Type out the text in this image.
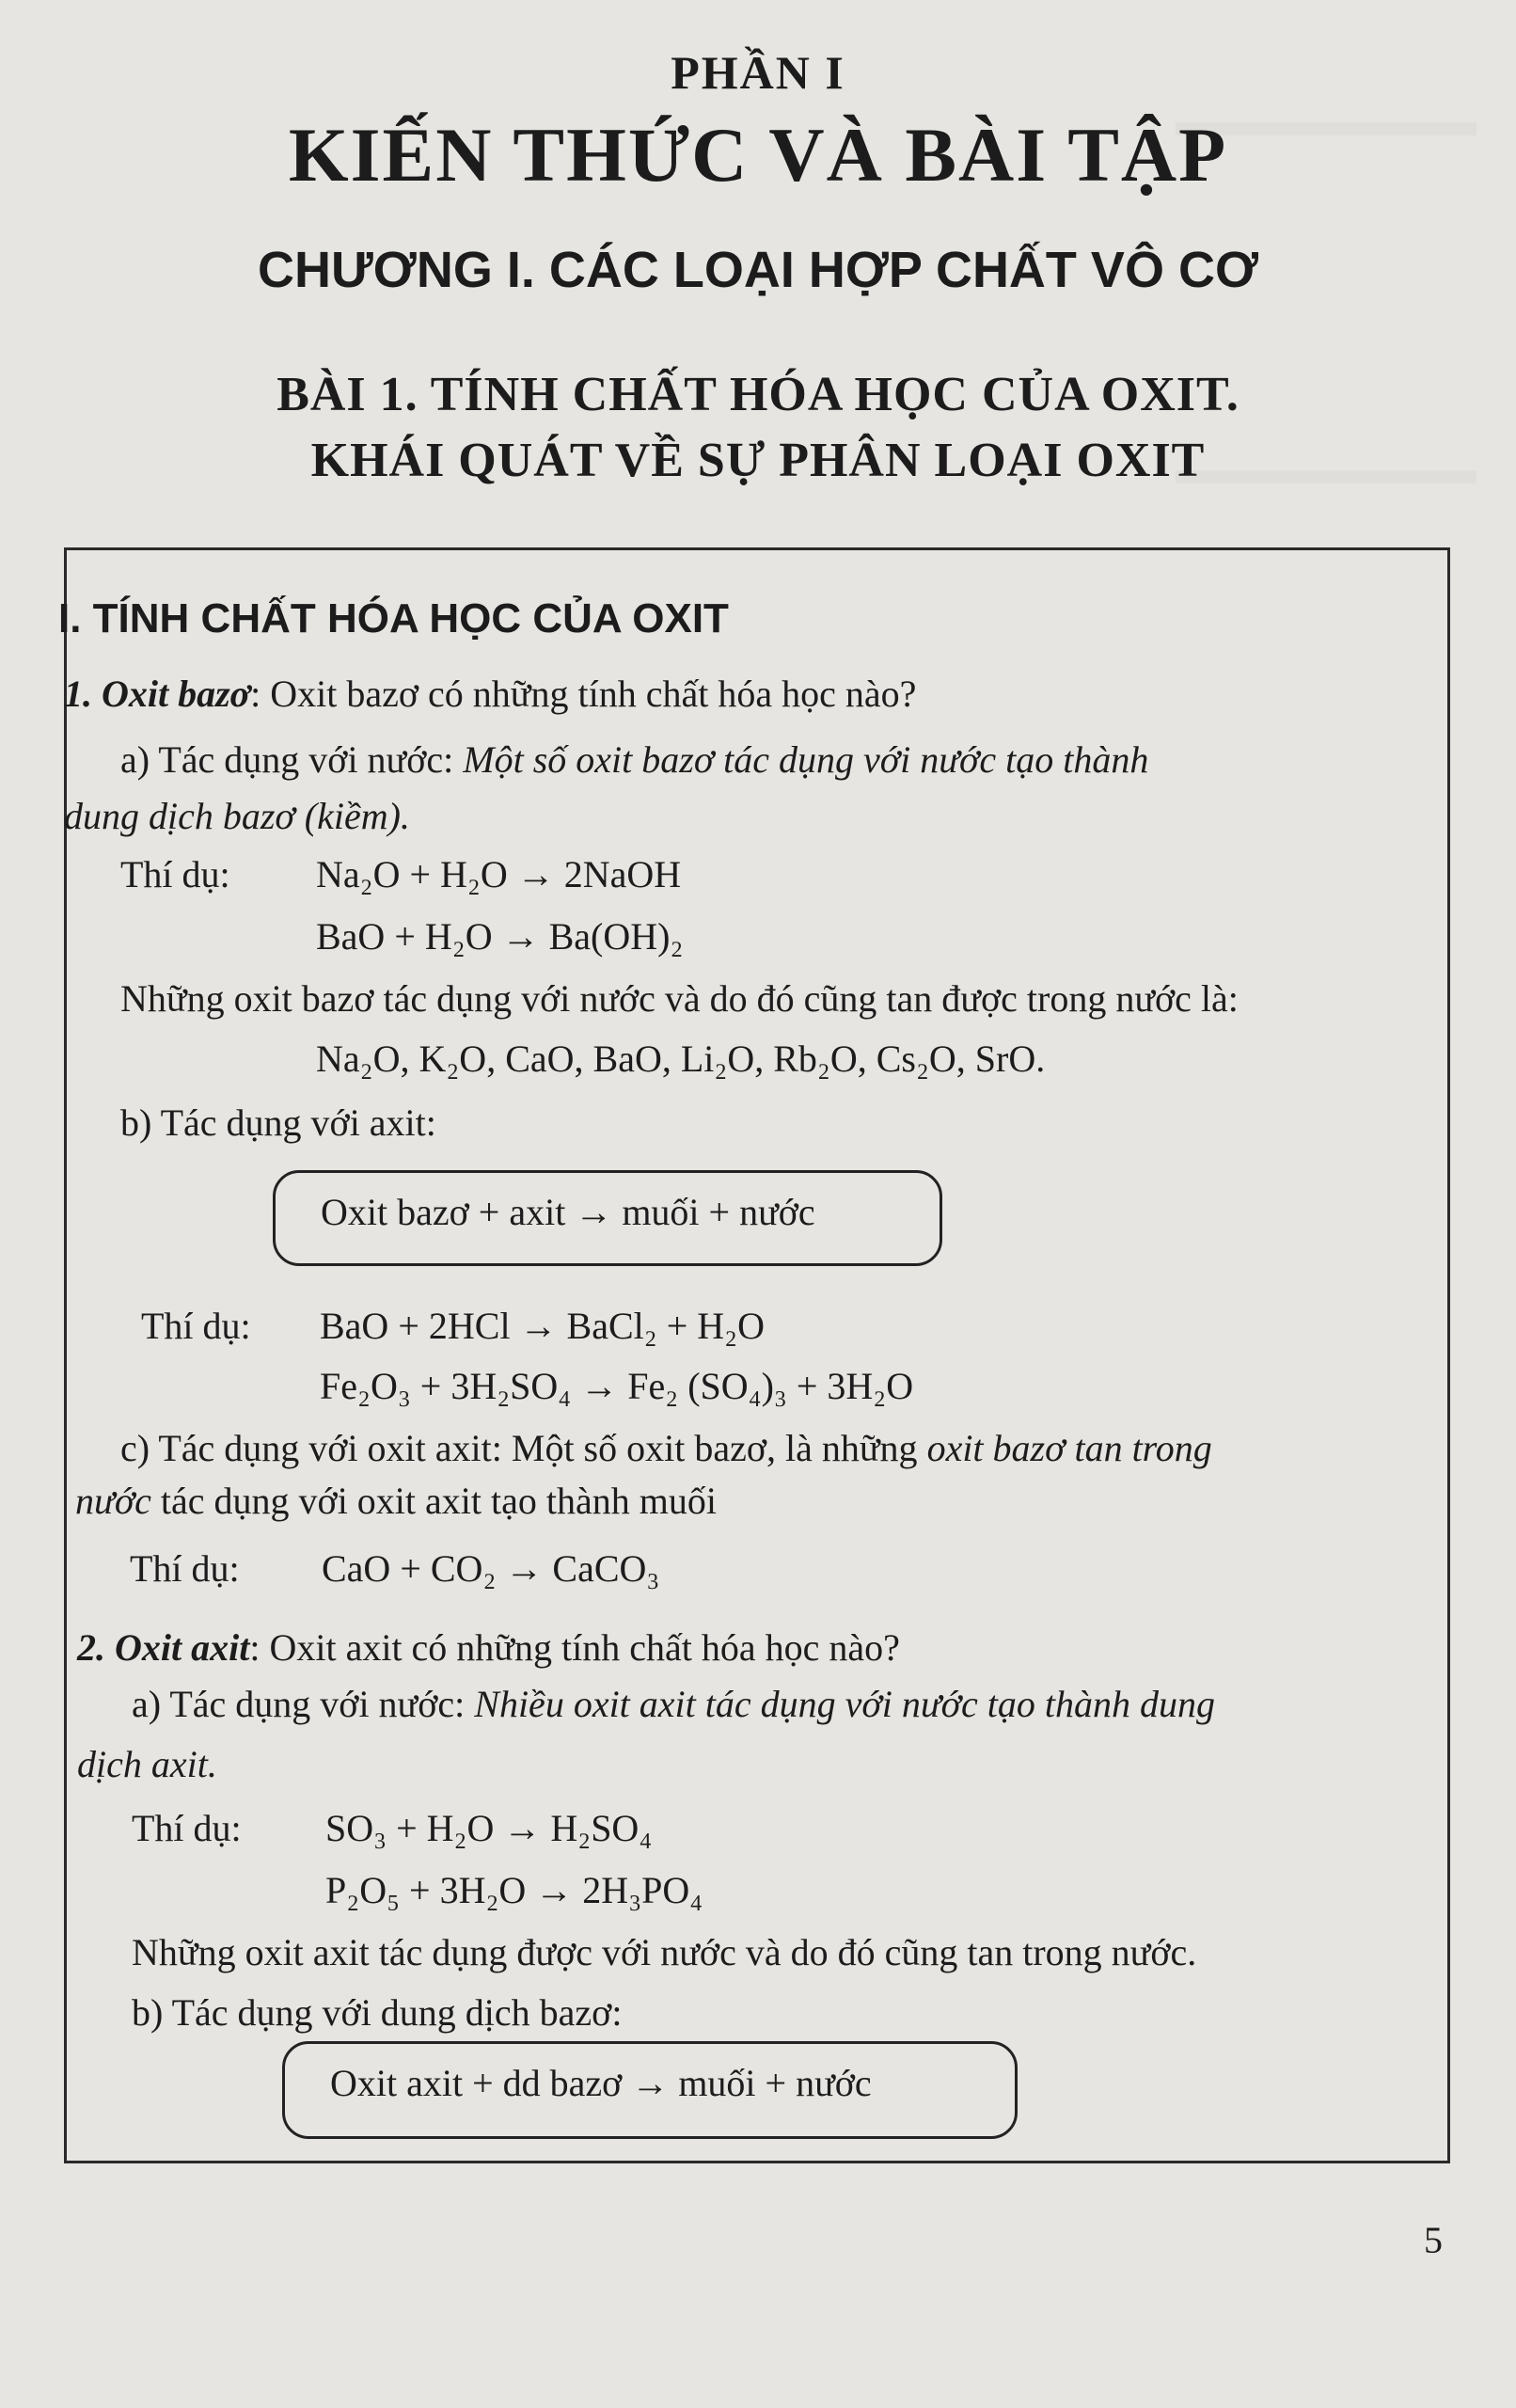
PHẦN I
KIẾN THỨC VÀ BÀI TẬP
CHƯƠNG I. CÁC LOẠI HỢP CHẤT VÔ CƠ
BÀI 1. TÍNH CHẤT HÓA HỌC CỦA OXIT.
KHÁI QUÁT VỀ SỰ PHÂN LOẠI OXIT
I. TÍNH CHẤT HÓA HỌC CỦA OXIT
1. Oxit bazơ: Oxit bazơ có những tính chất hóa học nào?
a) Tác dụng với nước: Một số oxit bazơ tác dụng với nước tạo thành
dung dịch bazơ (kiềm).
Thí dụ: Na₂O + H₂O → 2NaOH
BaO + H₂O → Ba(OH)₂
Những oxit bazơ tác dụng với nước và do đó cũng tan được trong nước là:
Na₂O, K₂O, CaO, BaO, Li₂O, Rb₂O, Cs₂O, SrO.
b) Tác dụng với axit:
Oxit bazơ + axit → muối + nước
Thí dụ: BaO + 2HCl → BaCl₂ + H₂O
Fe₂O₃ + 3H₂SO₄ → Fe₂ (SO₄)₃ + 3H₂O
c) Tác dụng với oxit axit: Một số oxit bazơ, là những oxit bazơ tan trong
nước tác dụng với oxit axit tạo thành muối
Thí dụ: CaO + CO₂ → CaCO₃
2. Oxit axit: Oxit axit có những tính chất hóa học nào?
a) Tác dụng với nước: Nhiều oxit axit tác dụng với nước tạo thành dung
dịch axit.
Thí dụ: SO₃ + H₂O → H₂SO₄
P₂O₅ + 3H₂O → 2H₃PO₄
Những oxit axit tác dụng được với nước và do đó cũng tan trong nước.
b) Tác dụng với dung dịch bazơ:
Oxit axit + dd bazơ → muối + nước
5
